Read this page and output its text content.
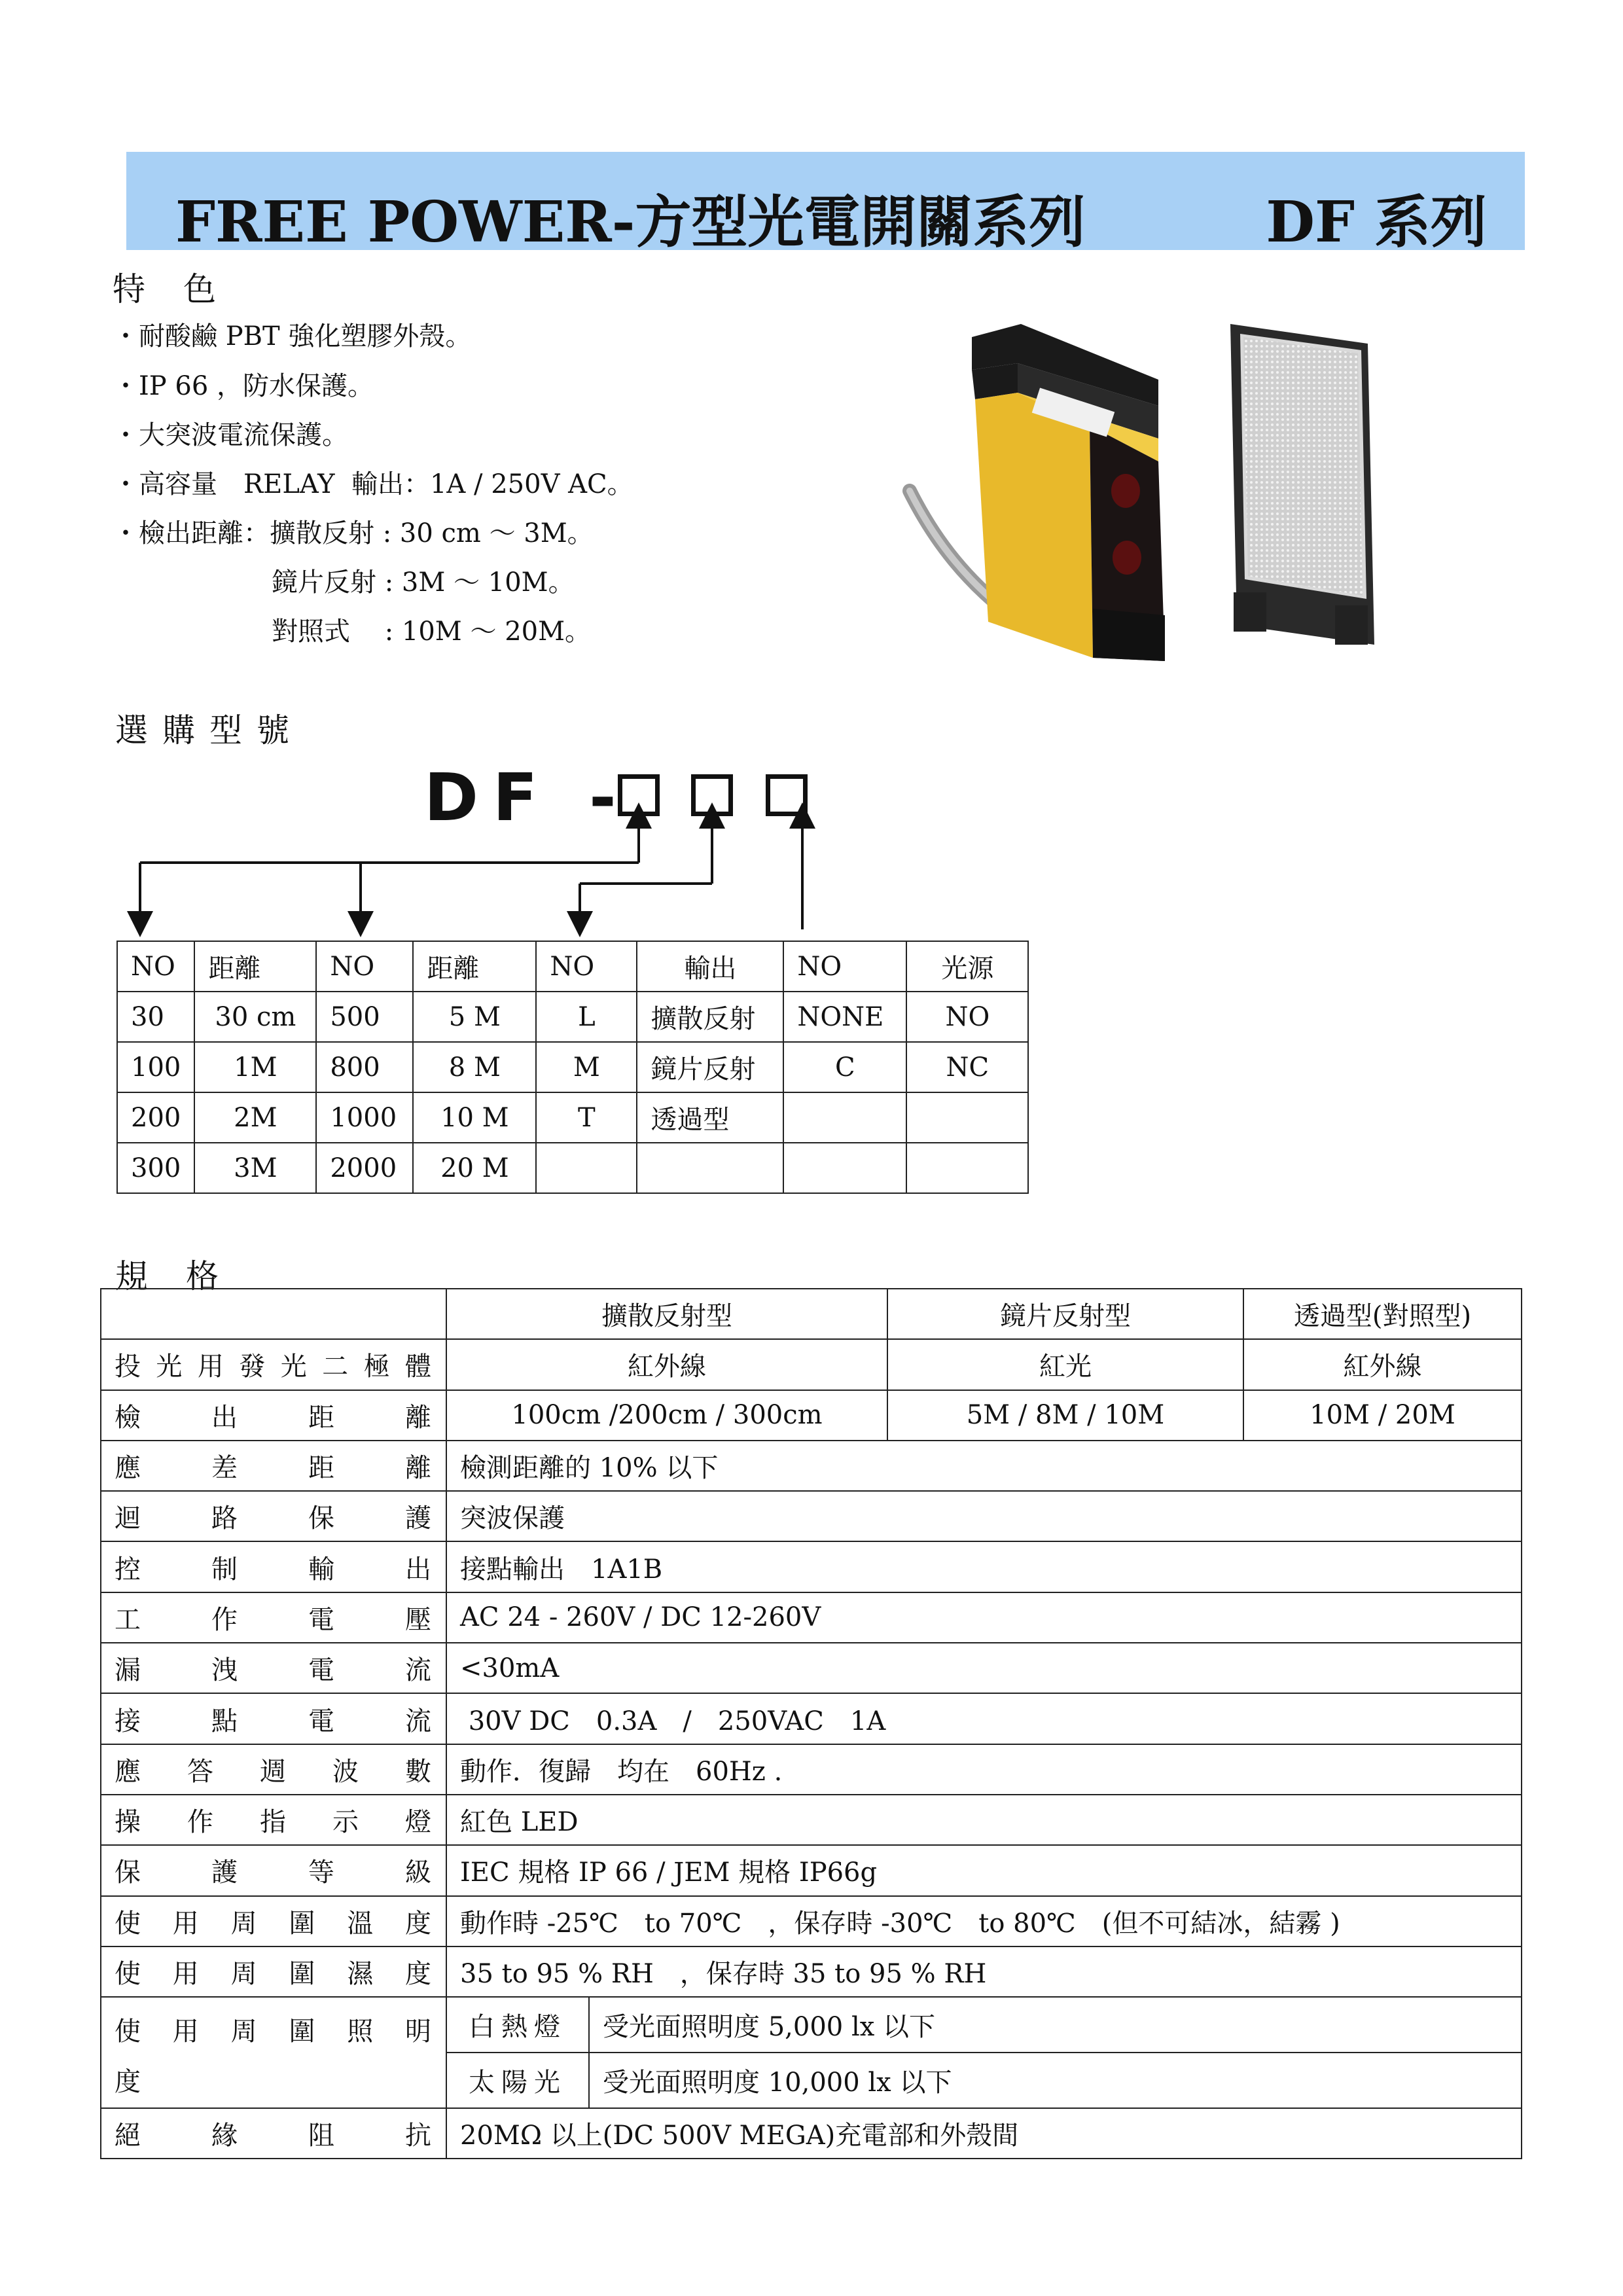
FREE POWER-方型光電開關系列	DF 系列
特色
・耐酸鹼 PBT 強化塑膠外殼。
・IP 66 ，防水保護。
・大突波電流保護。
・高容量　RELAY  輸出：1A / 250V AC。
・檢出距離：擴散反射 : 30 cm ～ 3M。
鏡片反射 : 3M ～ 10M。
對照式　 : 10M ～ 20M。
選購型號
DF -
NO	距離	NO	距離	NO	輸出	NO	光源
30	30 cm	500	5 M	L	擴散反射	NONE	NO
100	1M	800	8 M	M	鏡片反射	C	NC
200	2M	1000	10 M	T	透過型		
300	3M	2000	20 M				
規格
	擴散反射型		鏡片反射型	透過型(對照型)
投光用發光二極體	紅外線		紅光	紅外線
檢出距離	100cm /200cm / 300cm		5M / 8M / 10M	10M / 20M
應差距離	檢測距離的 10% 以下			
迴路保護	突波保護			
控制輸出	接點輸出　1A1B			
工作電壓	AC 24 - 260V / DC 12-260V			
漏洩電流	<30mA			
接點電流	30V DC　0.3A　/　250VAC　1A			
應答週波數	動作．復歸　均在　60Hz .			
操作指示燈	紅色 LED			
保護等級	IEC 規格 IP 66 / JEM 規格 IP66g			
使用周圍溫度	動作時 -25℃　to 70℃　，保存時 -30℃　to 80℃　(但不可結冰，結霧 )			
使用周圍濕度	35 to 95 % RH　，保存時 35 to 95 % RH			

使用周圍照明
度	白熱燈	受光面照明度 5,000 lx 以下		
	太陽光	受光面照明度 10,000 lx 以下		
絕緣阻抗	20MΩ 以上(DC 500V MEGA)充電部和外殼間			
